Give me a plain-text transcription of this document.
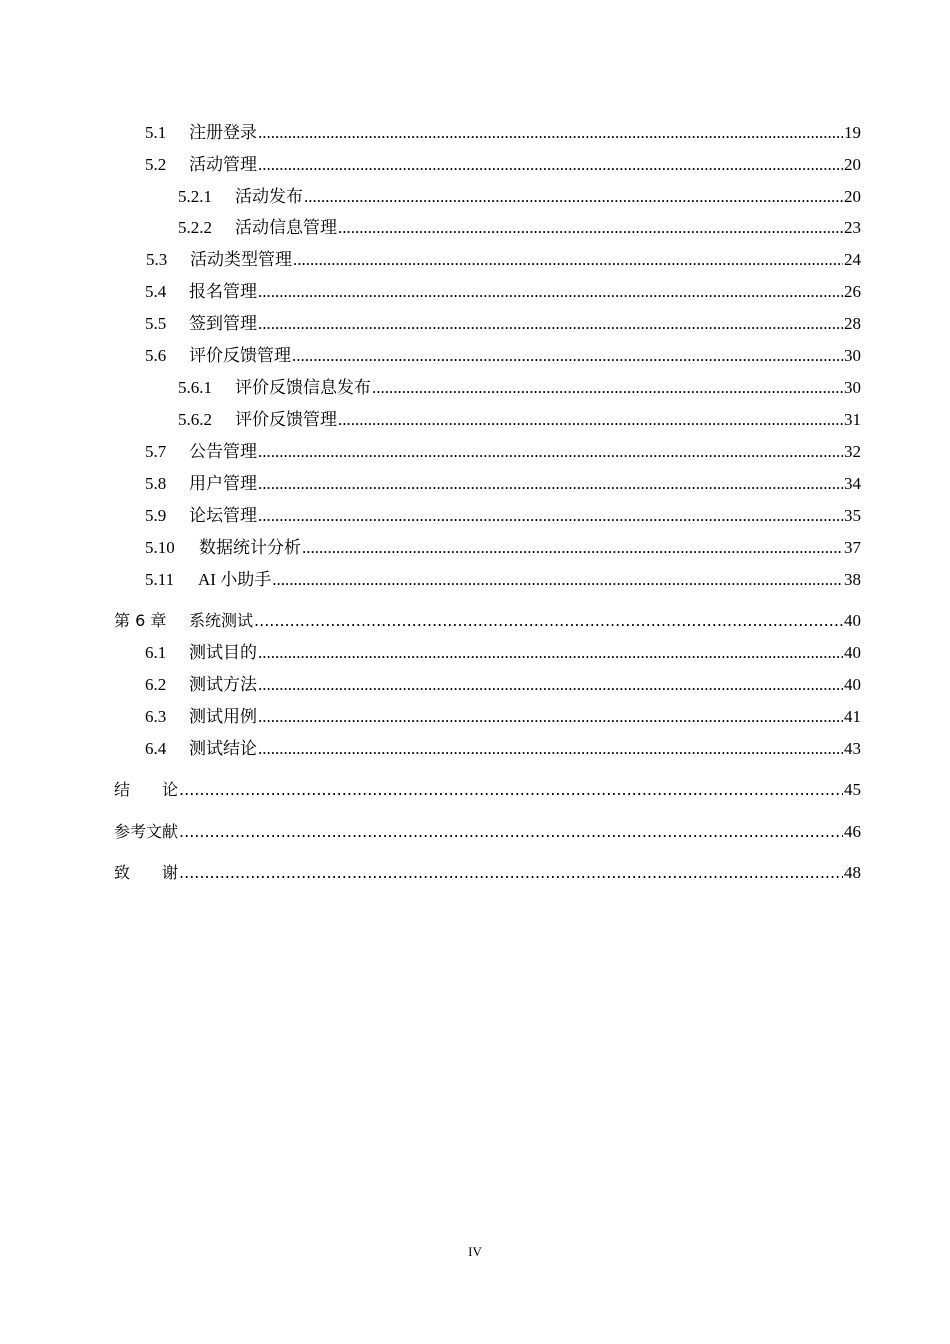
5.1	注册登录 .....	19
5.2	活动管理 .....	20
5.2.1	活动发布 .....	20
5.2.2	活动信息管理 .....	23
5.3	活动类型管理 .....	24
5.4	报名管理 .....	26
5.5	签到管理 .....	28
5.6	评价反馈管理 .....	30
5.6.1	评价反馈信息发布 .....	30
5.6.2	评价反馈管理 .....	31
5.7	公告管理 .....	32
5.8	用户管理 .....	34
5.9	论坛管理 .....	35
5.10	数据统计分析 .....	37
5.11	AI 小助手 .....	38
第 6 章	系统测试 .....	40
6.1	测试目的 .....	40
6.2	测试方法 .....	40
6.3	测试用例 .....	41
6.4	测试结论 .....	43
结　　论 .....	45
参考文献 .....	46
致　　谢 .....	48
IV
